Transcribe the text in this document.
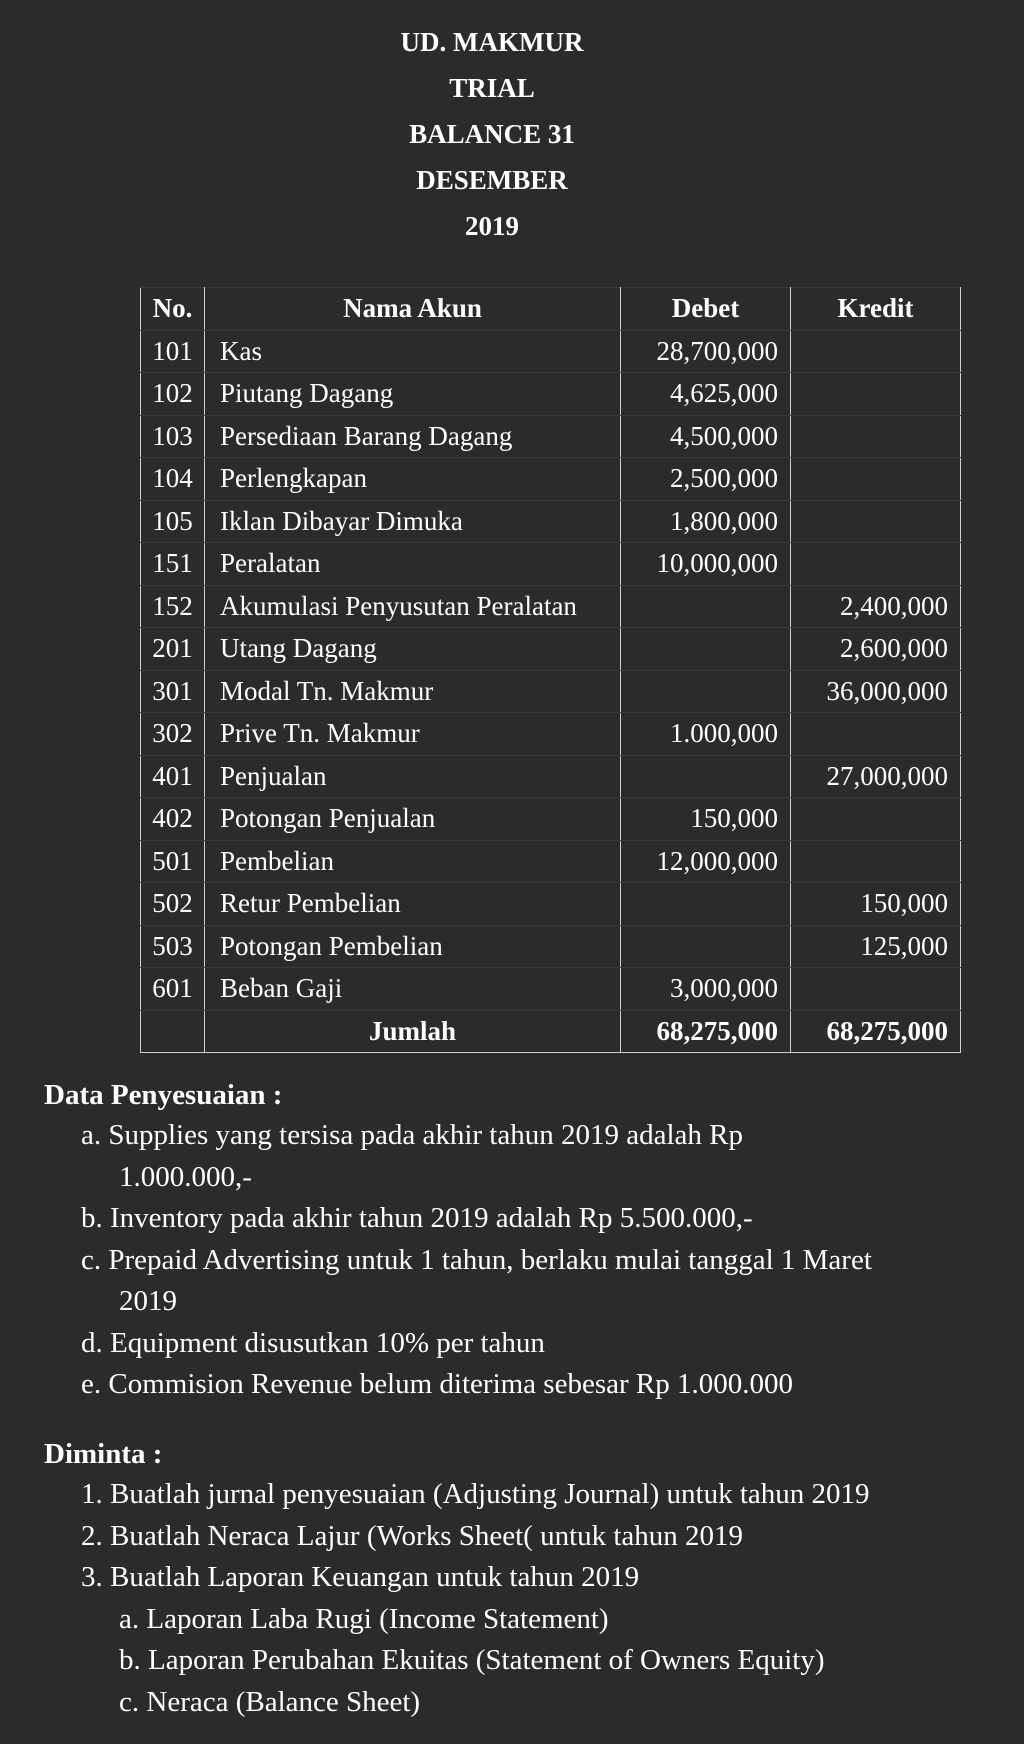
UD. MAKMUR
TRIAL
BALANCE 31
DESEMBER
2019
No.	Nama Akun	Debet	Kredit
101	Kas	28,700,000	
102	Piutang Dagang	4,625,000	
103	Persediaan Barang Dagang	4,500,000	
104	Perlengkapan	2,500,000	
105	Iklan Dibayar Dimuka	1,800,000	
151	Peralatan	10,000,000	
152	Akumulasi Penyusutan Peralatan		2,400,000
201	Utang Dagang		2,600,000
301	Modal Tn. Makmur		36,000,000
302	Prive Tn. Makmur	1.000,000	
401	Penjualan		27,000,000
402	Potongan Penjualan	150,000	
501	Pembelian	12,000,000	
502	Retur Pembelian		150,000
503	Potongan Pembelian		125,000
601	Beban Gaji	3,000,000	
	Jumlah	68,275,000	68,275,000
Data Penyesuaian :
a. Supplies yang tersisa pada akhir tahun 2019 adalah Rp
1.000.000,-
b. Inventory pada akhir tahun 2019 adalah Rp 5.500.000,-
c. Prepaid Advertising untuk 1 tahun, berlaku mulai tanggal 1 Maret
2019
d. Equipment disusutkan 10% per tahun
e. Commision Revenue belum diterima sebesar Rp 1.000.000
Diminta :
1. Buatlah jurnal penyesuaian (Adjusting Journal) untuk tahun 2019
2. Buatlah Neraca Lajur (Works Sheet( untuk tahun 2019
3. Buatlah Laporan Keuangan untuk tahun 2019
a. Laporan Laba Rugi (Income Statement)
b. Laporan Perubahan Ekuitas (Statement of Owners Equity)
c. Neraca (Balance Sheet)
